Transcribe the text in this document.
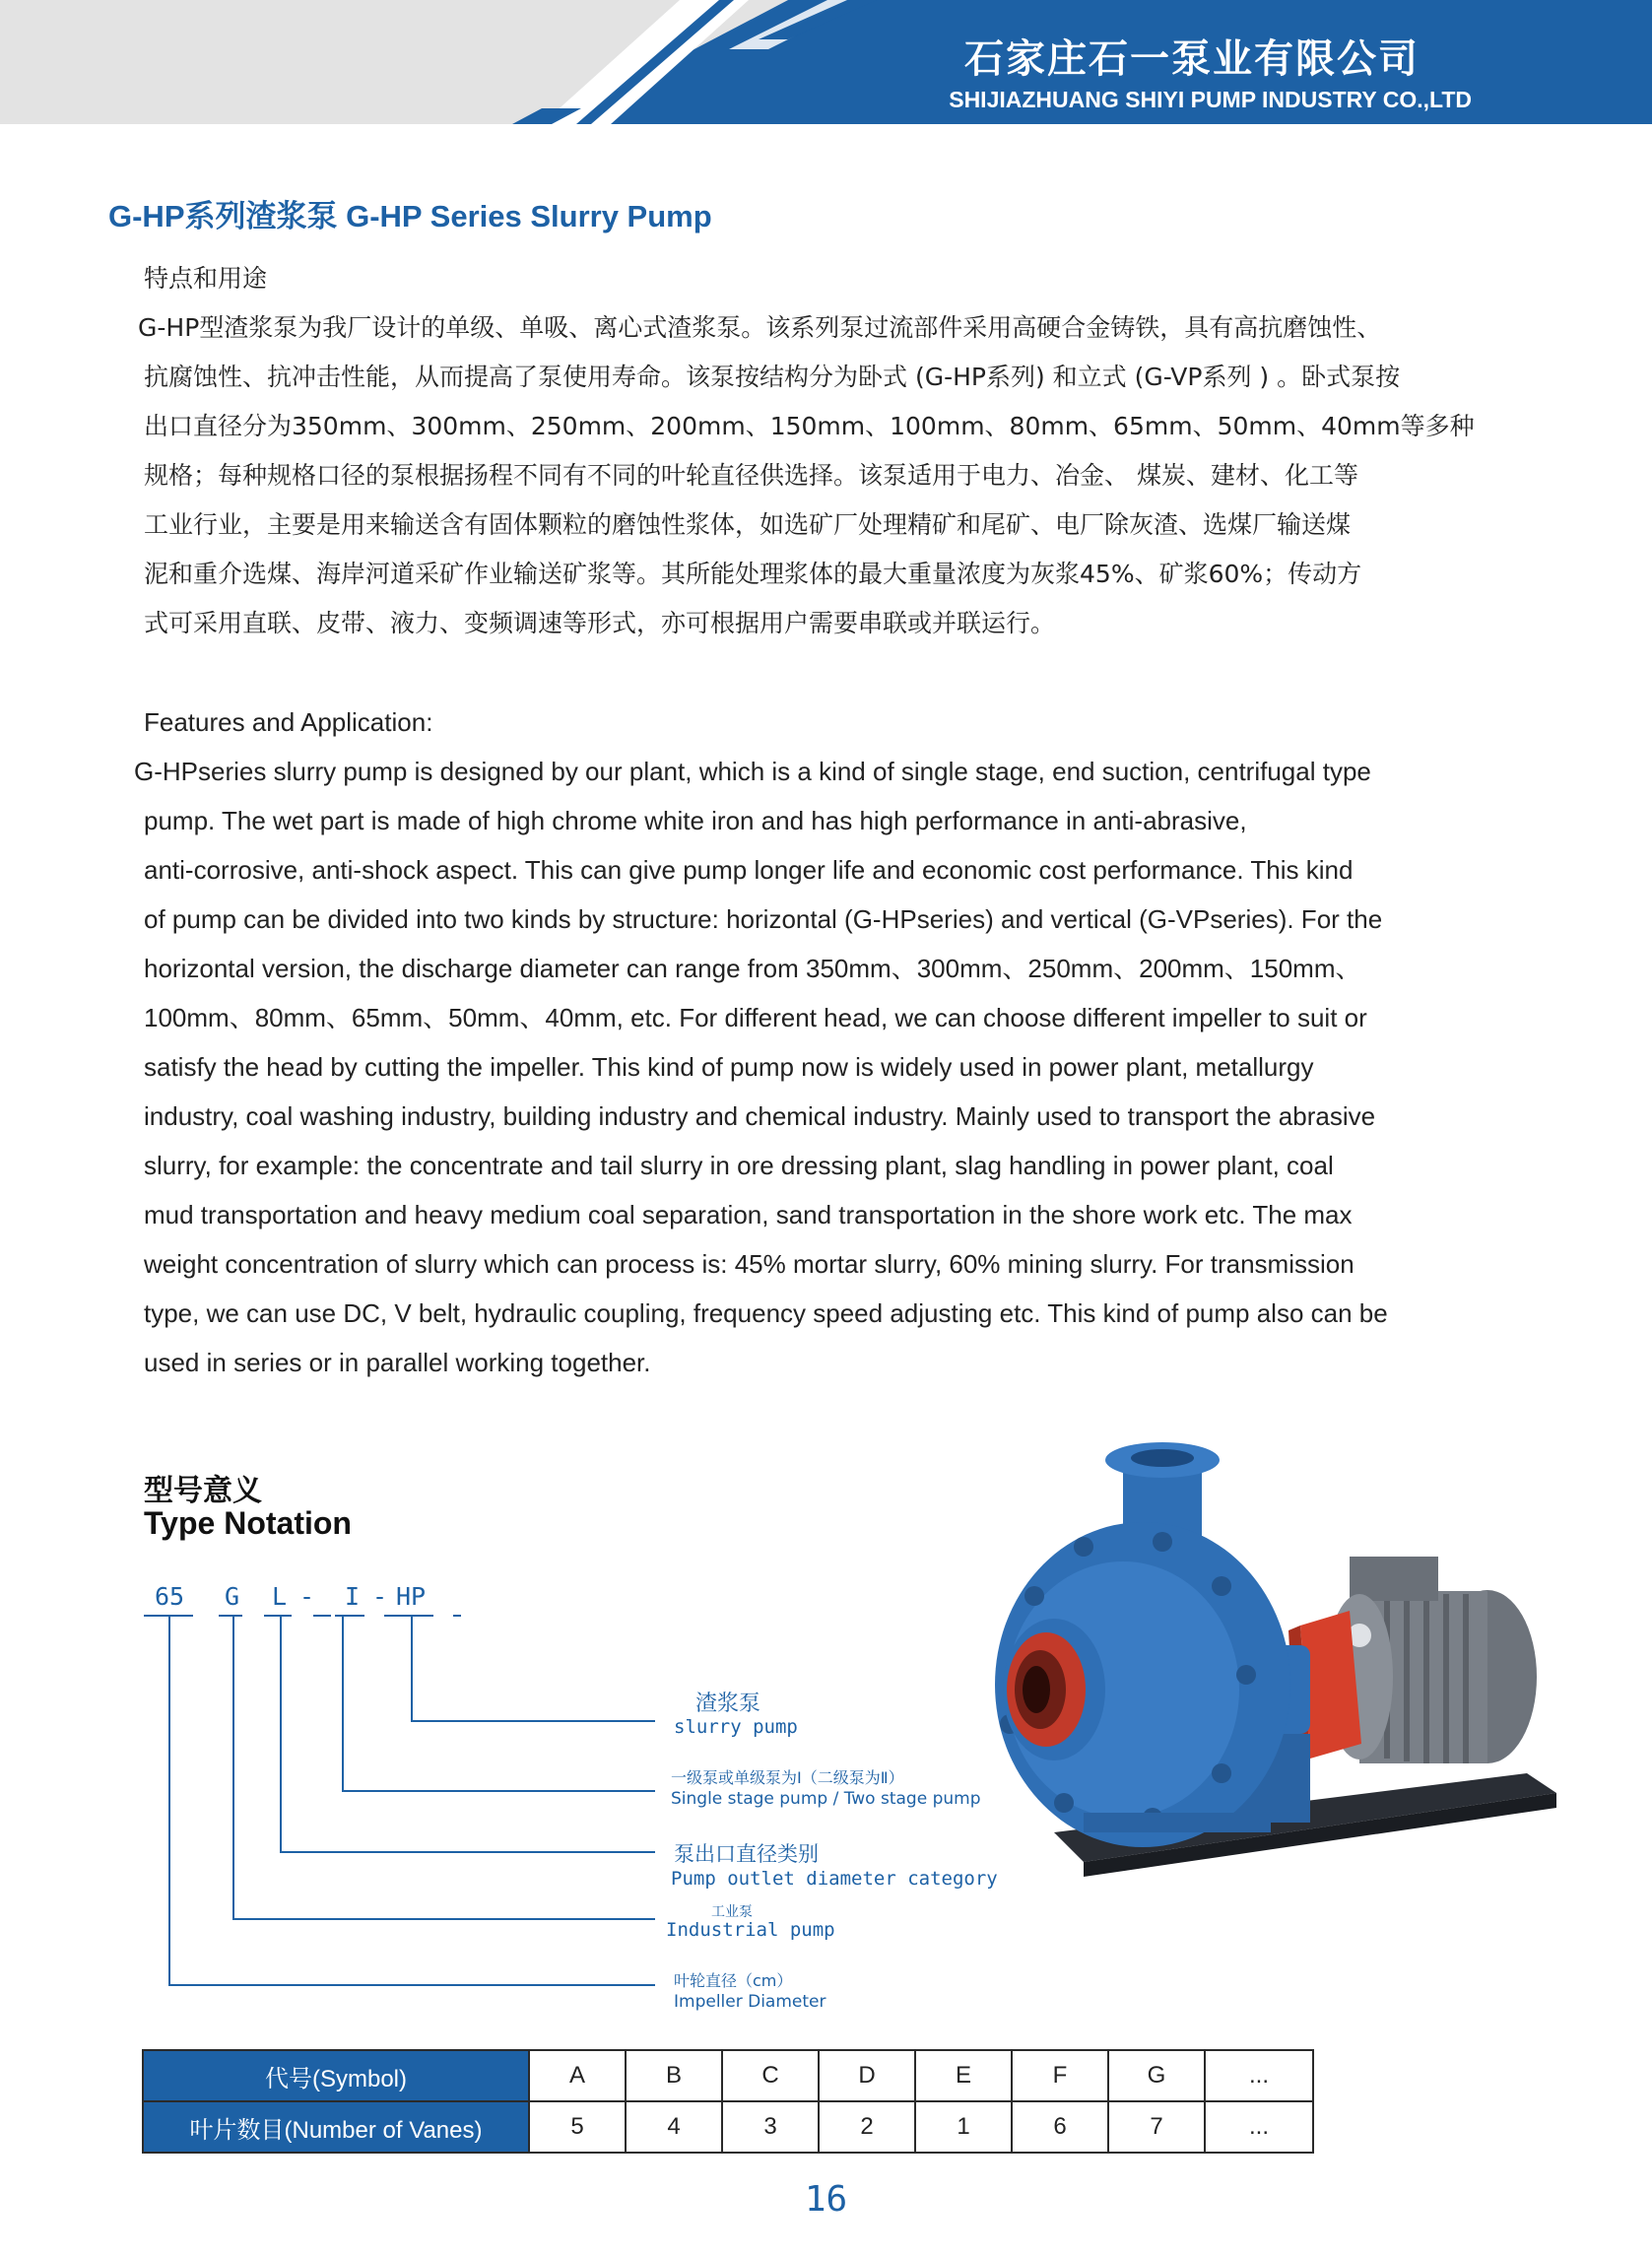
石家庄石一泵业有限公司
SHIJIAZHUANG SHIYI PUMP INDUSTRY CO.,LTD
G-HP系列渣浆泵 G-HP Series Slurry Pump
特点和用途
G-HP型渣浆泵为我厂设计的单级、单吸、离心式渣浆泵。该系列泵过流部件采用高硬合金铸铁，具有高抗磨蚀性、
抗腐蚀性、抗冲击性能，从而提高了泵使用寿命。该泵按结构分为卧式 (G-HP系列) 和立式 (G-VP系列 ) 。卧式泵按
出口直径分为350mm、300mm、250mm、200mm、150mm、100mm、80mm、65mm、50mm、40mm等多种
规格；每种规格口径的泵根据扬程不同有不同的叶轮直径供选择。该泵适用于电力、冶金、 煤炭、建材、化工等
工业行业，主要是用来输送含有固体颗粒的磨蚀性浆体，如选矿厂处理精矿和尾矿、电厂除灰渣、选煤厂输送煤
泥和重介选煤、海岸河道采矿作业输送矿浆等。其所能处理浆体的最大重量浓度为灰浆45%、矿浆60%；传动方
式可采用直联、皮带、液力、变频调速等形式，亦可根据用户需要串联或并联运行。
Features and Application:
G-HPseries slurry pump is designed by our plant, which is a kind of single stage, end suction, centrifugal type
pump. The wet part is made of high chrome white iron and has high performance in anti-abrasive,
anti-corrosive, anti-shock aspect. This can give pump longer life and economic cost performance. This kind
of pump can be divided into two kinds by structure: horizontal (G-HPseries) and vertical (G-VPseries). For the
horizontal version, the discharge diameter can range from 350mm、300mm、250mm、200mm、150mm、
100mm、80mm、65mm、50mm、40mm, etc. For different head, we can choose different impeller to suit or
satisfy the head by cutting the impeller. This kind of pump now is widely used in power plant, metallurgy
industry, coal washing industry, building industry and chemical industry. Mainly used to transport the abrasive
slurry, for example: the concentrate and tail slurry in ore dressing plant, slag handling in power plant, coal
mud transportation and heavy medium coal separation, sand transportation in the shore work etc. The max
weight concentration of slurry which can process is: 45% mortar slurry, 60% mining slurry. For transmission
type, we can use DC, V belt, hydraulic coupling, frequency speed adjusting etc. This kind of pump also can be
used in series or in parallel working together.
型号意义
Type Notation
65 G L - I - HP
渣浆泵
slurry pump
一级泵或单级泵为Ⅰ（二级泵为Ⅱ）
Single stage pump / Two stage pump
泵出口直径类别
Pump outlet diameter category
工业泵
Industrial pump
叶轮直径（cm）
Impeller Diameter
代号(Symbol)	A	B	C	D	E	F	G	...
叶片数目(Number of Vanes)	5	4	3	2	1	6	7	...
16
